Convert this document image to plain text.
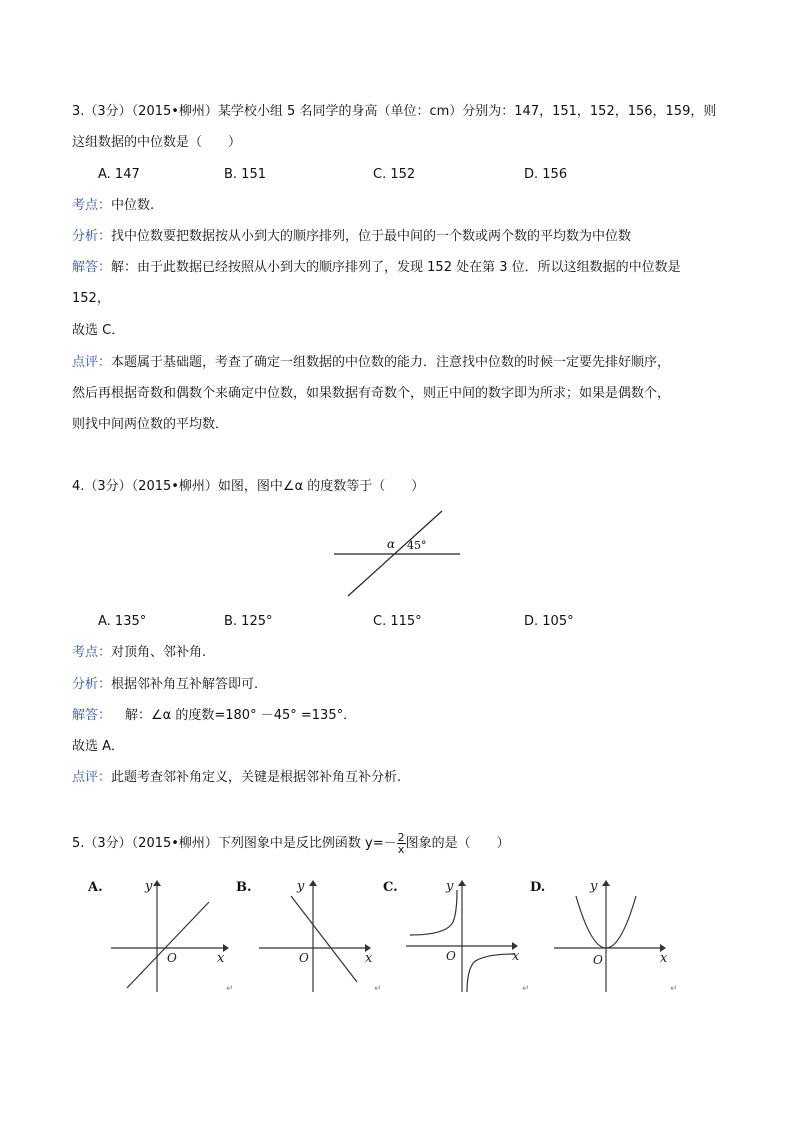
3.（3分）（2015•柳州）某学校小组 5 名同学的身高（单位：cm）分别为：147，151，152，156，159，则
这组数据的中位数是（　　）
A. 147	B. 151	C. 152	D. 156
考点：中位数.
分析：找中位数要把数据按从小到大的顺序排列，位于最中间的一个数或两个数的平均数为中位数
解答：解：由于此数据已经按照从小到大的顺序排列了，发现 152 处在第 3 位．所以这组数据的中位数是
152，
故选 C．
点评：本题属于基础题，考查了确定一组数据的中位数的能力．注意找中位数的时候一定要先排好顺序，
然后再根据奇数和偶数个来确定中位数，如果数据有奇数个，则正中间的数字即为所求；如果是偶数个，
则找中间两位数的平均数．
4.（3分）（2015•柳州）如图，图中∠α 的度数等于（　　）
α 45°
A. 135°	B. 125°	C. 115°	D. 105°
考点：对顶角、邻补角.
分析：根据邻补角互补解答即可.
解答： 解：∠α 的度数=180° －45° =135°．
故选 A．
点评：此题考查邻补角定义，关键是根据邻补角互补分析.
5.（3分）（2015•柳州）下列图象中是反比例函数 $y=- \frac{2}{x}$ 图象的是（　　）
A.	y
x
O
↵
B.	y
x
O
↵
C.	y
x
O
↵
D.	y
x
O
↵
